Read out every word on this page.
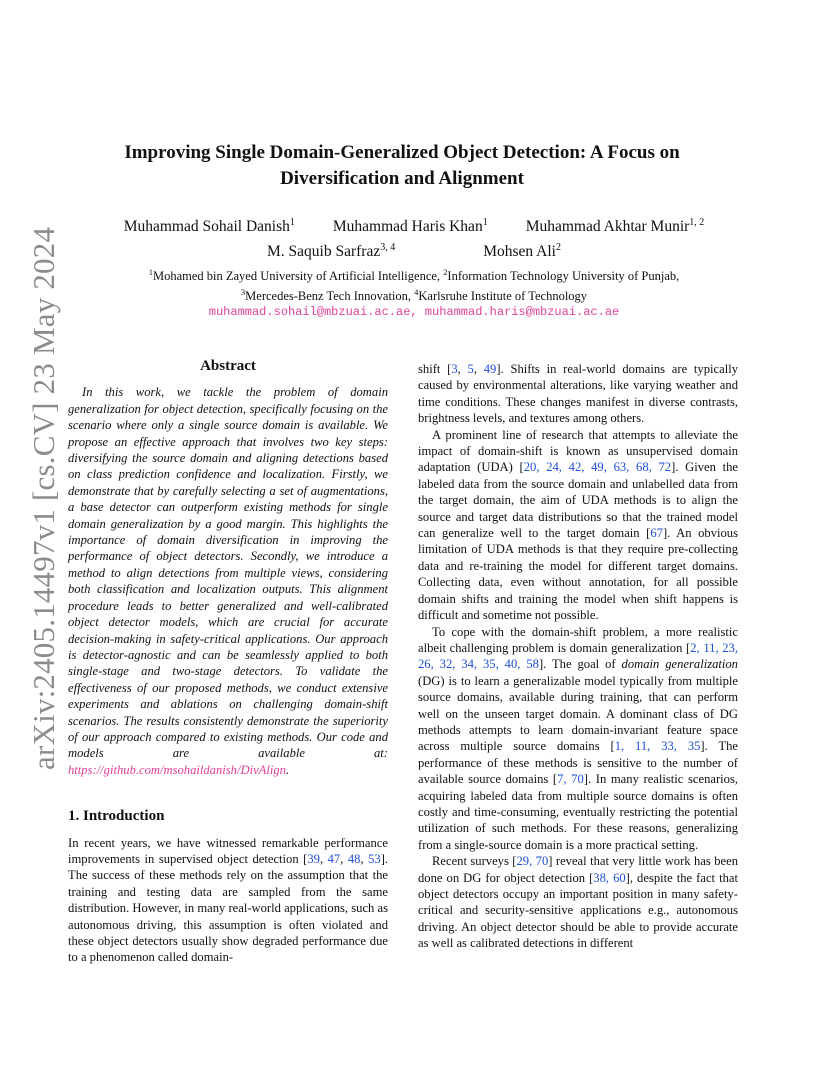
arXiv:2405.14497v1 [cs.CV] 23 May 2024
Improving Single Domain-Generalized Object Detection: A Focus on
Diversification and Alignment
Muhammad Sohail Danish$^1$ Muhammad Haris Khan$^1$ Muhammad Akhtar Munir$^{1, 2}$
M. Saquib Sarfraz$^{3, 4}$	Mohsen Ali$^2$
$^1$Mohamed bin Zayed University of Artificial Intelligence, $^2$Information Technology University of Punjab,
$^3$Mercedes-Benz Tech Innovation, $^4$Karlsruhe Institute of Technology
muhammad.sohail@mbzuai.ac.ae, muhammad.haris@mbzuai.ac.ae
Abstract

In this work, we tackle the problem of domain generalization for object detection, specifically focusing on the scenario where only a single source domain is available. We propose an effective approach that involves two key steps: diversifying the source domain and aligning detections based on class prediction confidence and localization. Firstly, we demonstrate that by carefully selecting a set of augmentations, a base detector can outperform existing methods for single domain generalization by a good margin. This highlights the importance of domain diversification in improving the performance of object detectors. Secondly, we introduce a method to align detections from multiple views, considering both classification and localization outputs. This alignment procedure leads to better generalized and well-calibrated object detector models, which are crucial for accurate decision-making in safety-critical applications. Our approach is detector-agnostic and can be seamlessly applied to both single-stage and two-stage detectors. To validate the effectiveness of our proposed methods, we conduct extensive experiments and ablations on challenging domain-shift scenarios. The results consistently demonstrate the superiority of our approach compared to existing methods. Our code and models are available at: https://github.com/msohaildanish/DivAlign.

1. Introduction

In recent years, we have witnessed remarkable performance improvements in supervised object detection [39, 47, 48, 53]. The success of these methods rely on the assumption that the training and testing data are sampled from the same distribution. However, in many real-world applications, such as autonomous driving, this assumption is often violated and these object detectors usually show degraded performance due to a phenomenon called domain-

shift [3, 5, 49]. Shifts in real-world domains are typically caused by environmental alterations, like varying weather and time conditions. These changes manifest in diverse contrasts, brightness levels, and textures among others.

A prominent line of research that attempts to alleviate the impact of domain-shift is known as unsupervised domain adaptation (UDA) [20, 24, 42, 49, 63, 68, 72]. Given the labeled data from the source domain and unlabelled data from the target domain, the aim of UDA methods is to align the source and target data distributions so that the trained model can generalize well to the target domain [67]. An obvious limitation of UDA methods is that they require pre-collecting data and re-training the model for different target domains. Collecting data, even without annotation, for all possible domain shifts and training the model when shift happens is difficult and sometime not possible.

To cope with the domain-shift problem, a more realistic albeit challenging problem is domain generalization [2, 11, 23, 26, 32, 34, 35, 40, 58]. The goal of domain generalization (DG) is to learn a generalizable model typically from multiple source domains, available during training, that can perform well on the unseen target domain. A dominant class of DG methods attempts to learn domain-invariant feature space across multiple source domains [1, 11, 33, 35]. The performance of these methods is sensitive to the number of available source domains [7, 70]. In many realistic scenarios, acquiring labeled data from multiple source domains is often costly and time-consuming, eventually restricting the potential utilization of such methods. For these reasons, generalizing from a single-source domain is a more practical setting.

Recent surveys [29, 70] reveal that very little work has been done on DG for object detection [38, 60], despite the fact that object detectors occupy an important position in many safety-critical and security-sensitive applications e.g., autonomous driving. An object detector should be able to provide accurate as well as calibrated detections in different
